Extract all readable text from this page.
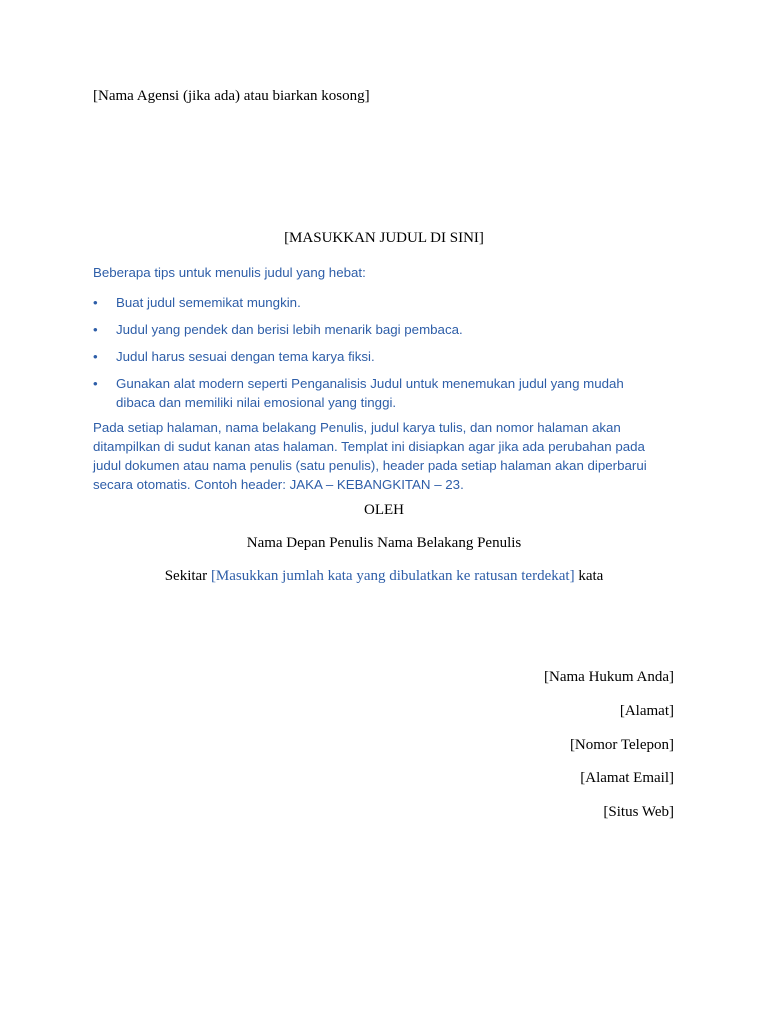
[Nama Agensi (jika ada) atau biarkan kosong]
[MASUKKAN JUDUL DI SINI]
Beberapa tips untuk menulis judul yang hebat:
• Buat judul sememikat mungkin.
• Judul yang pendek dan berisi lebih menarik bagi pembaca.
• Judul harus sesuai dengan tema karya fiksi.
• Gunakan alat modern seperti Penganalisis Judul untuk menemukan judul yang mudah dibaca dan memiliki nilai emosional yang tinggi.

Pada setiap halaman, nama belakang Penulis, judul karya tulis, dan nomor halaman akan ditampilkan di sudut kanan atas halaman. Templat ini disiapkan agar jika ada perubahan pada judul dokumen atau nama penulis (satu penulis), header pada setiap halaman akan diperbarui secara otomatis. Contoh header: JAKA – KEBANGKITAN – 23.

OLEH
Nama Depan Penulis Nama Belakang Penulis
Sekitar [Masukkan jumlah kata yang dibulatkan ke ratusan terdekat] kata
[Nama Hukum Anda]
[Alamat]
[Nomor Telepon]
[Alamat Email]
[Situs Web]
